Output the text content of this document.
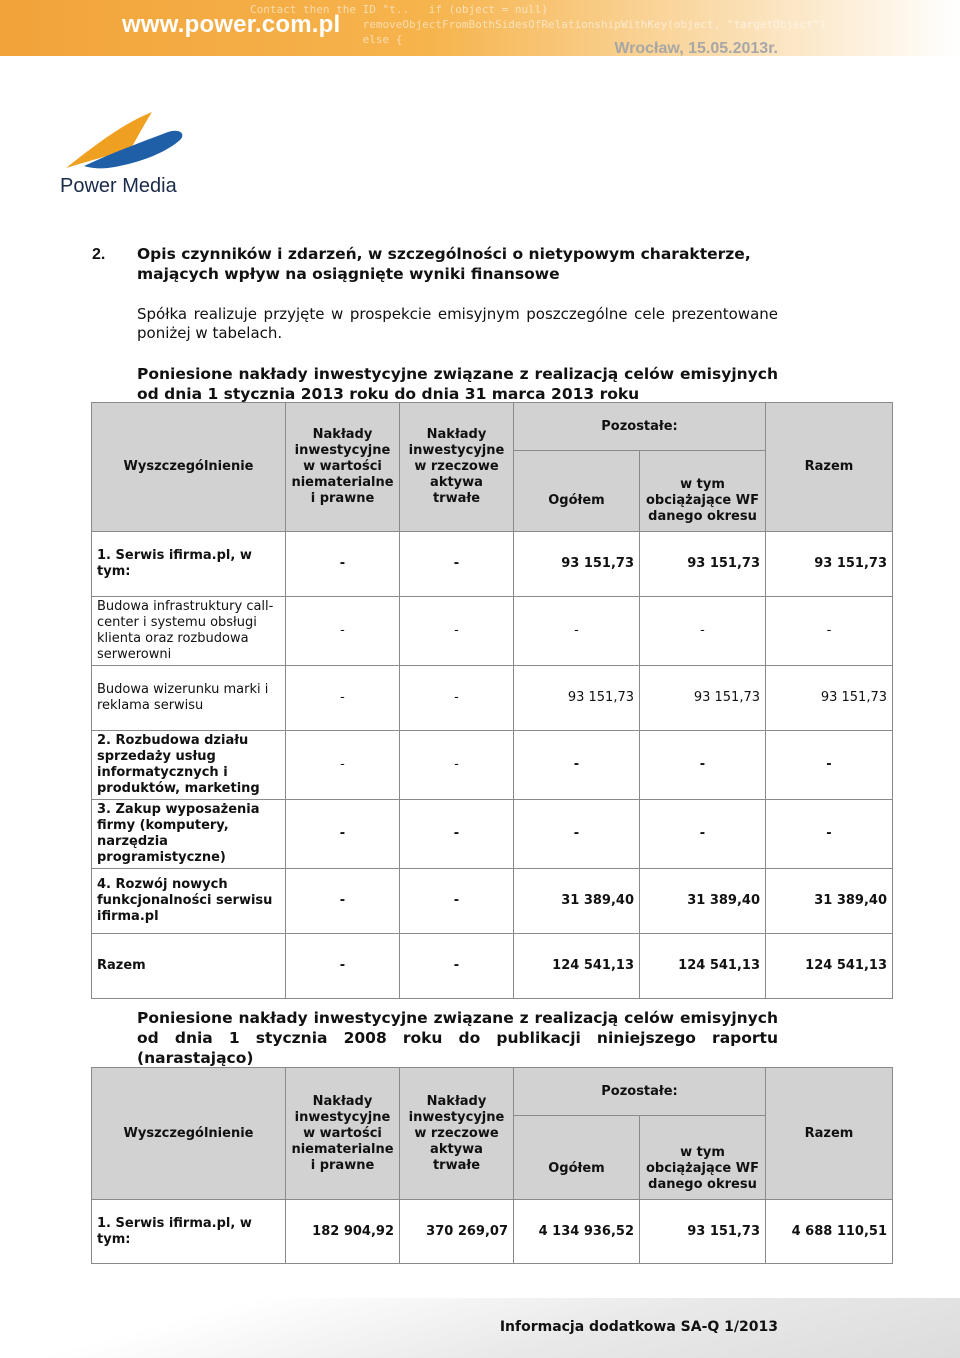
Contact then the ID "t..   if (object = null)
removeObjectFromBothSidesOfRelationshipWithKey(object, "targetObject")
else {
www.power.com.pl
Wrocław, 15.05.2013r.
Power Media
2. Opis czynników i zdarzeń, w szczególności o nietypowym charakterze, mających wpływ na osiągnięte wyniki finansowe
Spółka realizuje przyjęte w prospekcie emisyjnym poszczególne cele prezentowane poniżej w tabelach.
Poniesione nakłady inwestycyjne związane z realizacją celów emisyjnych od dnia 1 stycznia 2013 roku do dnia 31 marca 2013 roku
Wyszczególnienie	Nakłady inwestycyjne w wartości niematerialne i prawne	Nakłady inwestycyjne w rzeczowe aktywa trwałe	Pozostałe:		Razem
			Ogółem	w tym obciążające WF danego okresu	
1. Serwis ifirma.pl, w tym:	-	-	93 151,73	93 151,73	93 151,73
Budowa infrastruktury call-center i systemu obsługi klienta oraz rozbudowa serwerowni	-	-	-	-	-
Budowa wizerunku marki i reklama serwisu	-	-	93 151,73	93 151,73	93 151,73
2. Rozbudowa działu sprzedaży usług informatycznych i produktów, marketing	-	-	-	-	-
3. Zakup wyposażenia firmy (komputery, narzędzia programistyczne)	-	-	-	-	-
4. Rozwój nowych funkcjonalności serwisu ifirma.pl	-	-	31 389,40	31 389,40	31 389,40
Razem	-	-	124 541,13	124 541,13	124 541,13
Poniesione nakłady inwestycyjne związane z realizacją celów emisyjnych od dnia 1 stycznia 2008 roku do publikacji niniejszego raportu (narastająco)
Wyszczególnienie	Nakłady inwestycyjne w wartości niematerialne i prawne	Nakłady inwestycyjne w rzeczowe aktywa trwałe	Pozostałe:		Razem
			Ogółem	w tym obciążające WF danego okresu	
1. Serwis ifirma.pl, w tym:	182 904,92	370 269,07	4 134 936,52	93 151,73	4 688 110,51
Informacja dodatkowa SA-Q 1/2013
